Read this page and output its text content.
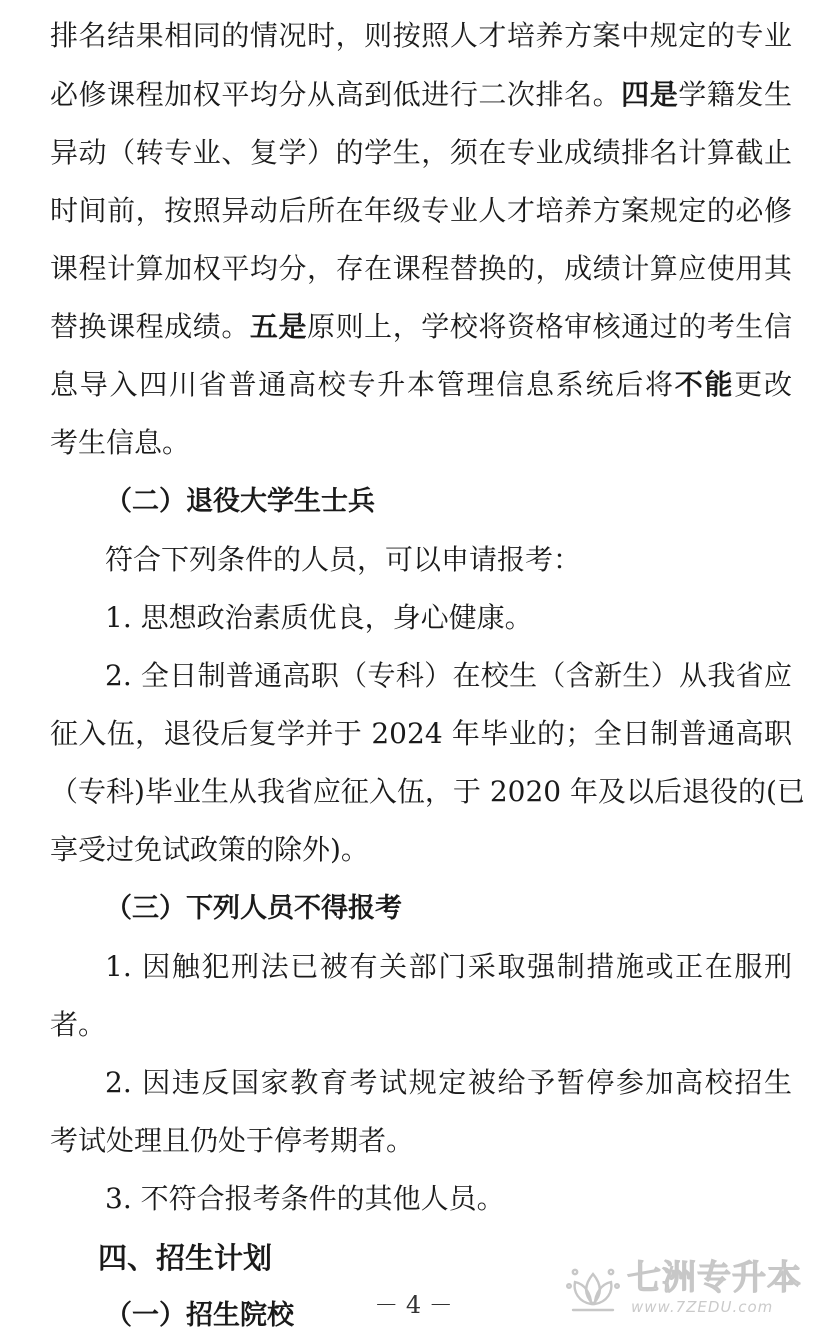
排名结果相同的情况时，则按照人才培养方案中规定的专业
必修课程加权平均分从高到低进行二次排名。四是学籍发生
异动（转专业、复学）的学生，须在专业成绩排名计算截止
时间前，按照异动后所在年级专业人才培养方案规定的必修
课程计算加权平均分，存在课程替换的，成绩计算应使用其
替换课程成绩。五是原则上，学校将资格审核通过的考生信
息导入四川省普通高校专升本管理信息系统后将不能更改
考生信息。
（二）退役大学生士兵
符合下列条件的人员，可以申请报考：
1. 思想政治素质优良，身心健康。
2. 全日制普通高职（专科）在校生（含新生）从我省应
征入伍，退役后复学并于 2024 年毕业的；全日制普通高职
（专科)毕业生从我省应征入伍，于 2020 年及以后退役的(已
享受过免试政策的除外)。
（三）下列人员不得报考
1. 因触犯刑法已被有关部门采取强制措施或正在服刑
者。
2. 因违反国家教育考试规定被给予暂停参加高校招生
考试处理且仍处于停考期者。
3. 不符合报考条件的其他人员。
四、招生计划
（一）招生院校	－ 4 －
七洲专升本
www.7ZEDU.com
